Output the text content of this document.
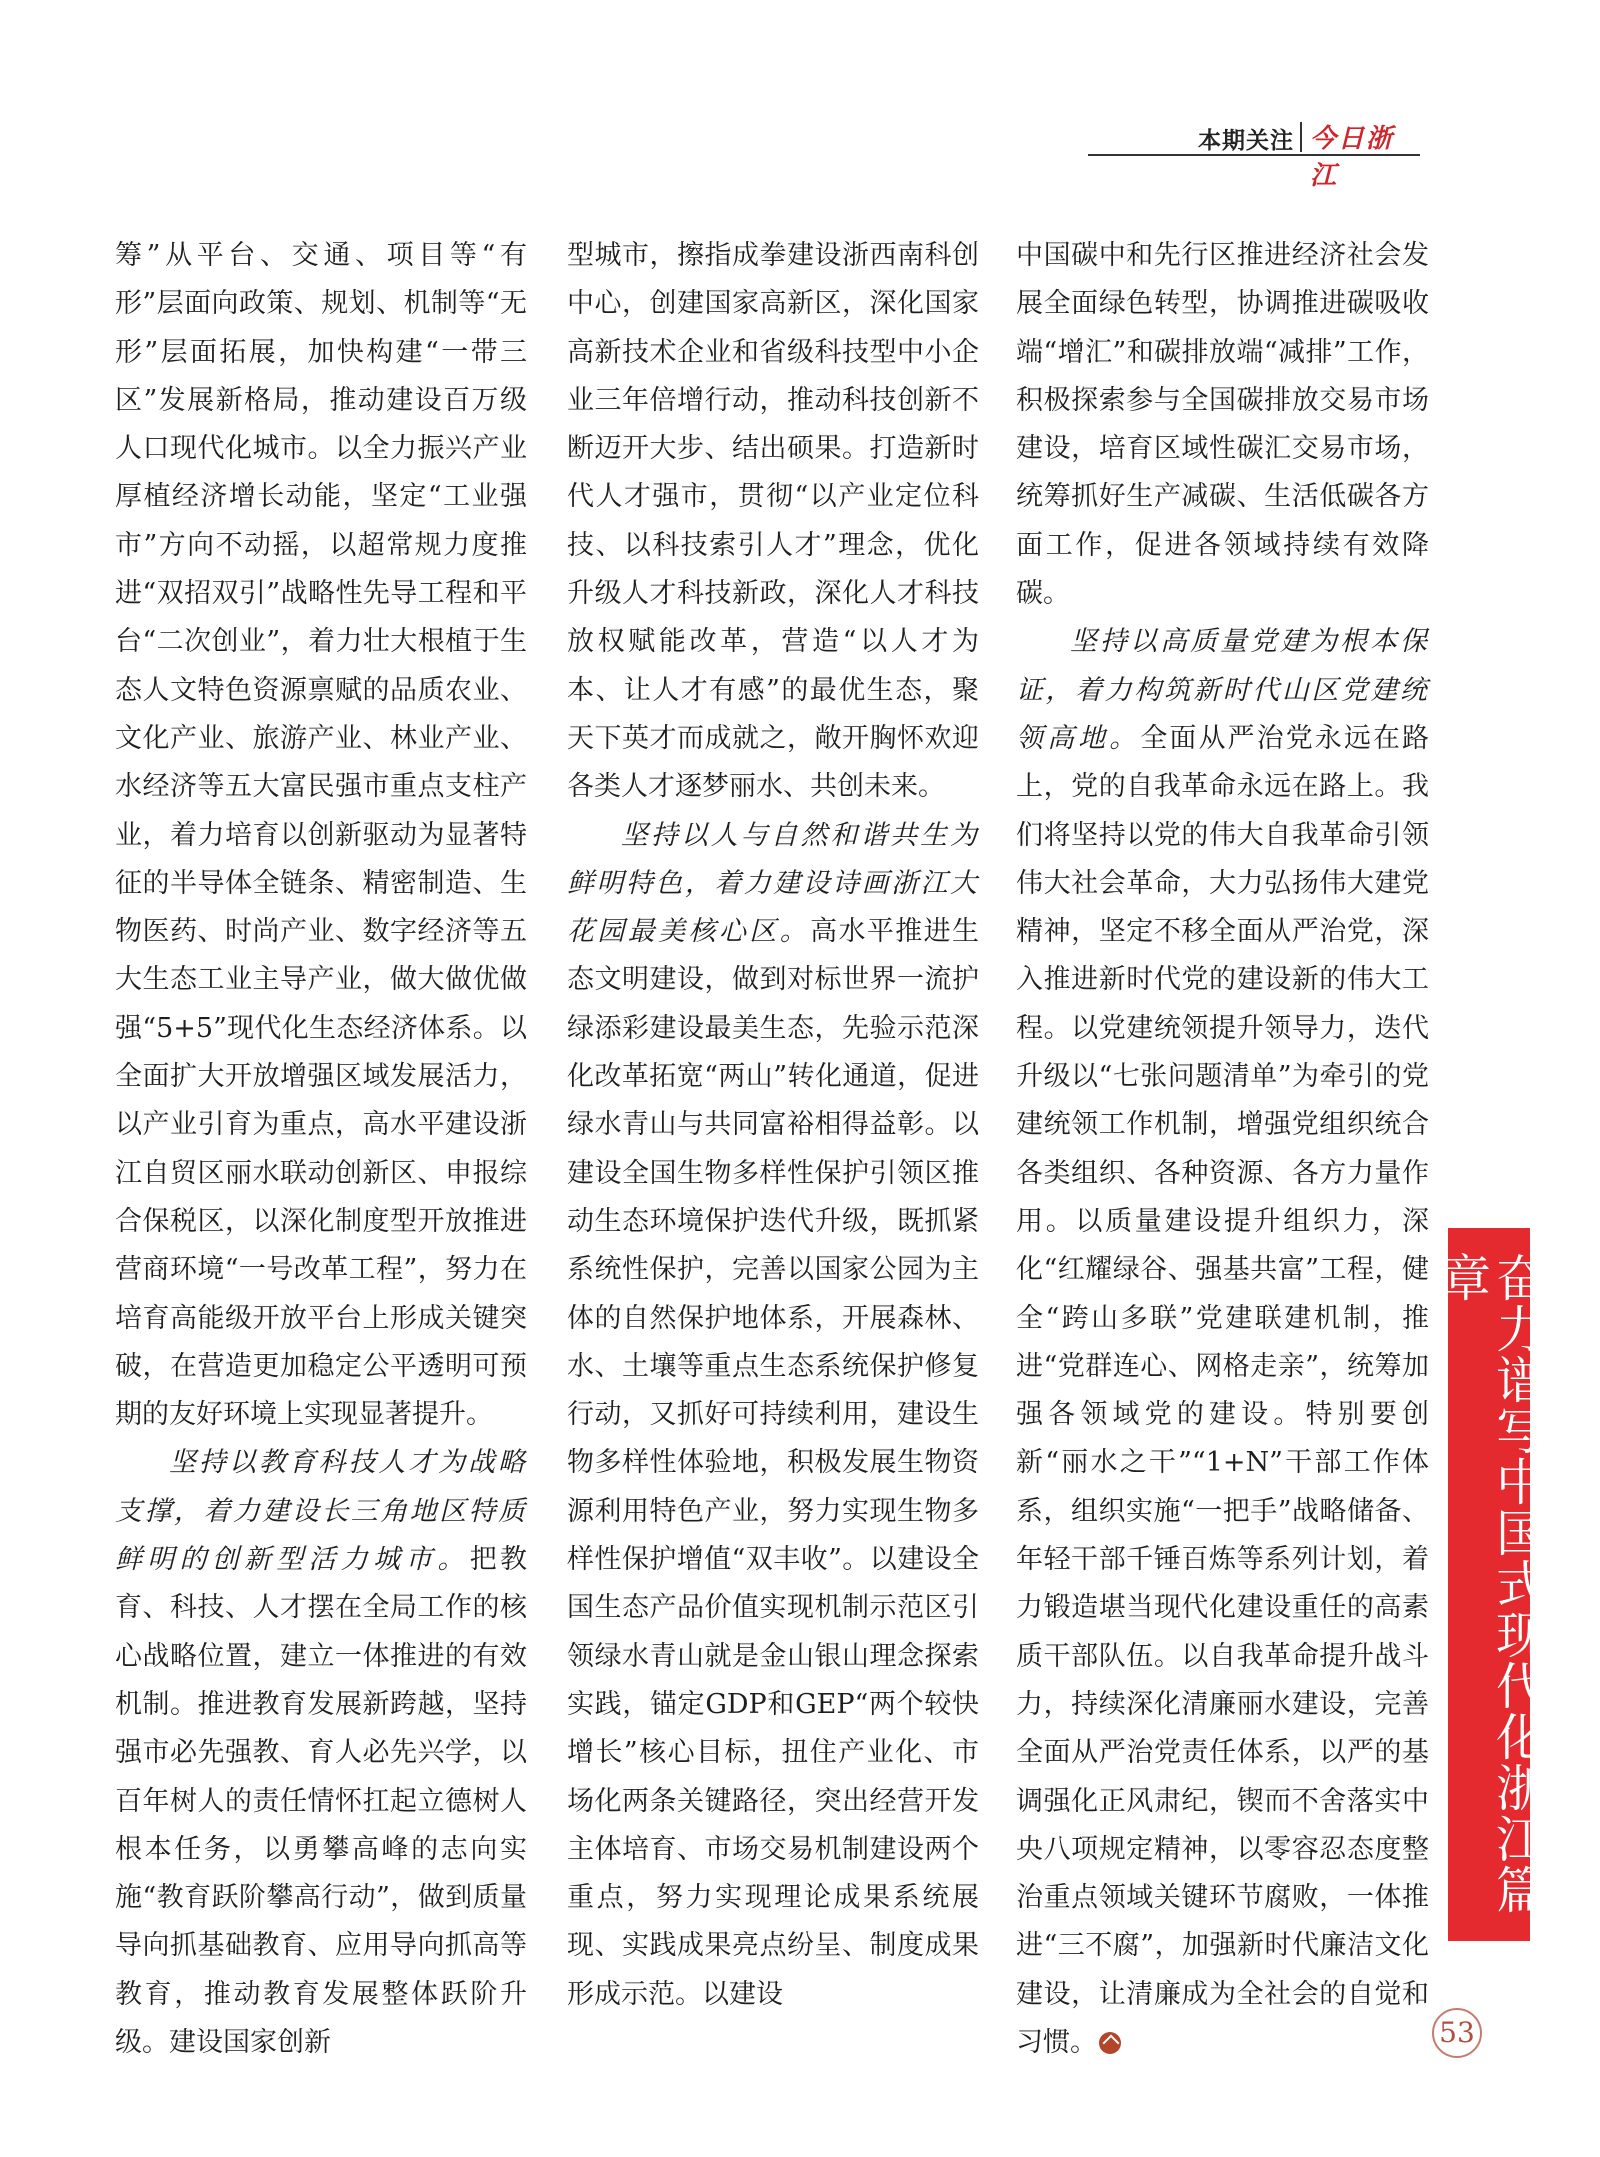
本期关注 今日浙江

筹”从平台、交通、项目等“有形”层面向政策、规划、机制等“无形”层面拓展，加快构建“一带三区”发展新格局，推动建设百万级人口现代化城市。以全力振兴产业厚植经济增长动能，坚定“工业强市”方向不动摇，以超常规力度推进“双招双引”战略性先导工程和平台“二次创业”，着力壮大根植于生态人文特色资源禀赋的品质农业、文化产业、旅游产业、林业产业、水经济等五大富民强市重点支柱产业，着力培育以创新驱动为显著特征的半导体全链条、精密制造、生物医药、时尚产业、数字经济等五大生态工业主导产业，做大做优做强“5+5”现代化生态经济体系。以全面扩大开放增强区域发展活力，以产业引育为重点，高水平建设浙江自贸区丽水联动创新区、申报综合保税区，以深化制度型开放推进营商环境“一号改革工程”，努力在培育高能级开放平台上形成关键突破，在营造更加稳定公平透明可预期的友好环境上实现显著提升。

坚持以教育科技人才为战略支撑，着力建设长三角地区特质鲜明的创新型活力城市。把教育、科技、人才摆在全局工作的核心战略位置，建立一体推进的有效机制。推进教育发展新跨越，坚持强市必先强教、育人必先兴学，以百年树人的责任情怀扛起立德树人根本任务，以勇攀高峰的志向实施“教育跃阶攀高行动”，做到质量导向抓基础教育、应用导向抓高等教育，推动教育发展整体跃阶升级。建设国家创新

型城市，擦指成拳建设浙西南科创中心，创建国家高新区，深化国家高新技术企业和省级科技型中小企业三年倍增行动，推动科技创新不断迈开大步、结出硕果。打造新时代人才强市，贯彻“以产业定位科技、以科技索引人才”理念，优化升级人才科技新政，深化人才科技放权赋能改革，营造“以人才为本、让人才有感”的最优生态，聚天下英才而成就之，敞开胸怀欢迎各类人才逐梦丽水、共创未来。

坚持以人与自然和谐共生为鲜明特色，着力建设诗画浙江大花园最美核心区。高水平推进生态文明建设，做到对标世界一流护绿添彩建设最美生态，先验示范深化改革拓宽“两山”转化通道，促进绿水青山与共同富裕相得益彰。以建设全国生物多样性保护引领区推动生态环境保护迭代升级，既抓紧系统性保护，完善以国家公园为主体的自然保护地体系，开展森林、水、土壤等重点生态系统保护修复行动，又抓好可持续利用，建设生物多样性体验地，积极发展生物资源利用特色产业，努力实现生物多样性保护增值“双丰收”。以建设全国生态产品价值实现机制示范区引领绿水青山就是金山银山理念探索实践，锚定GDP和GEP“两个较快增长”核心目标，扭住产业化、市场化两条关键路径，突出经营开发主体培育、市场交易机制建设两个重点，努力实现理论成果系统展现、实践成果亮点纷呈、制度成果形成示范。以建设

中国碳中和先行区推进经济社会发展全面绿色转型，协调推进碳吸收端“增汇”和碳排放端“减排”工作，积极探索参与全国碳排放交易市场建设，培育区域性碳汇交易市场，统筹抓好生产减碳、生活低碳各方面工作，促进各领域持续有效降碳。

坚持以高质量党建为根本保证，着力构筑新时代山区党建统领高地。全面从严治党永远在路上，党的自我革命永远在路上。我们将坚持以党的伟大自我革命引领伟大社会革命，大力弘扬伟大建党精神，坚定不移全面从严治党，深入推进新时代党的建设新的伟大工程。以党建统领提升领导力，迭代升级以“七张问题清单”为牵引的党建统领工作机制，增强党组织统合各类组织、各种资源、各方力量作用。以质量建设提升组织力，深化“红耀绿谷、强基共富”工程，健全“跨山多联”党建联建机制，推进“党群连心、网格走亲”，统筹加强各领域党的建设。特别要创新“丽水之干”“1+N”干部工作体系，组织实施“一把手”战略储备、年轻干部千锤百炼等系列计划，着力锻造堪当现代化建设重任的高素质干部队伍。以自我革命提升战斗力，持续深化清廉丽水建设，完善全面从严治党责任体系，以严的基调强化正风肃纪，锲而不舍落实中央八项规定精神，以零容忍态度整治重点领域关键环节腐败，一体推进“三不腐”，加强新时代廉洁文化建设，让清廉成为全社会的自觉和习惯。

奋力谱写中国式现代化浙江篇章
53
